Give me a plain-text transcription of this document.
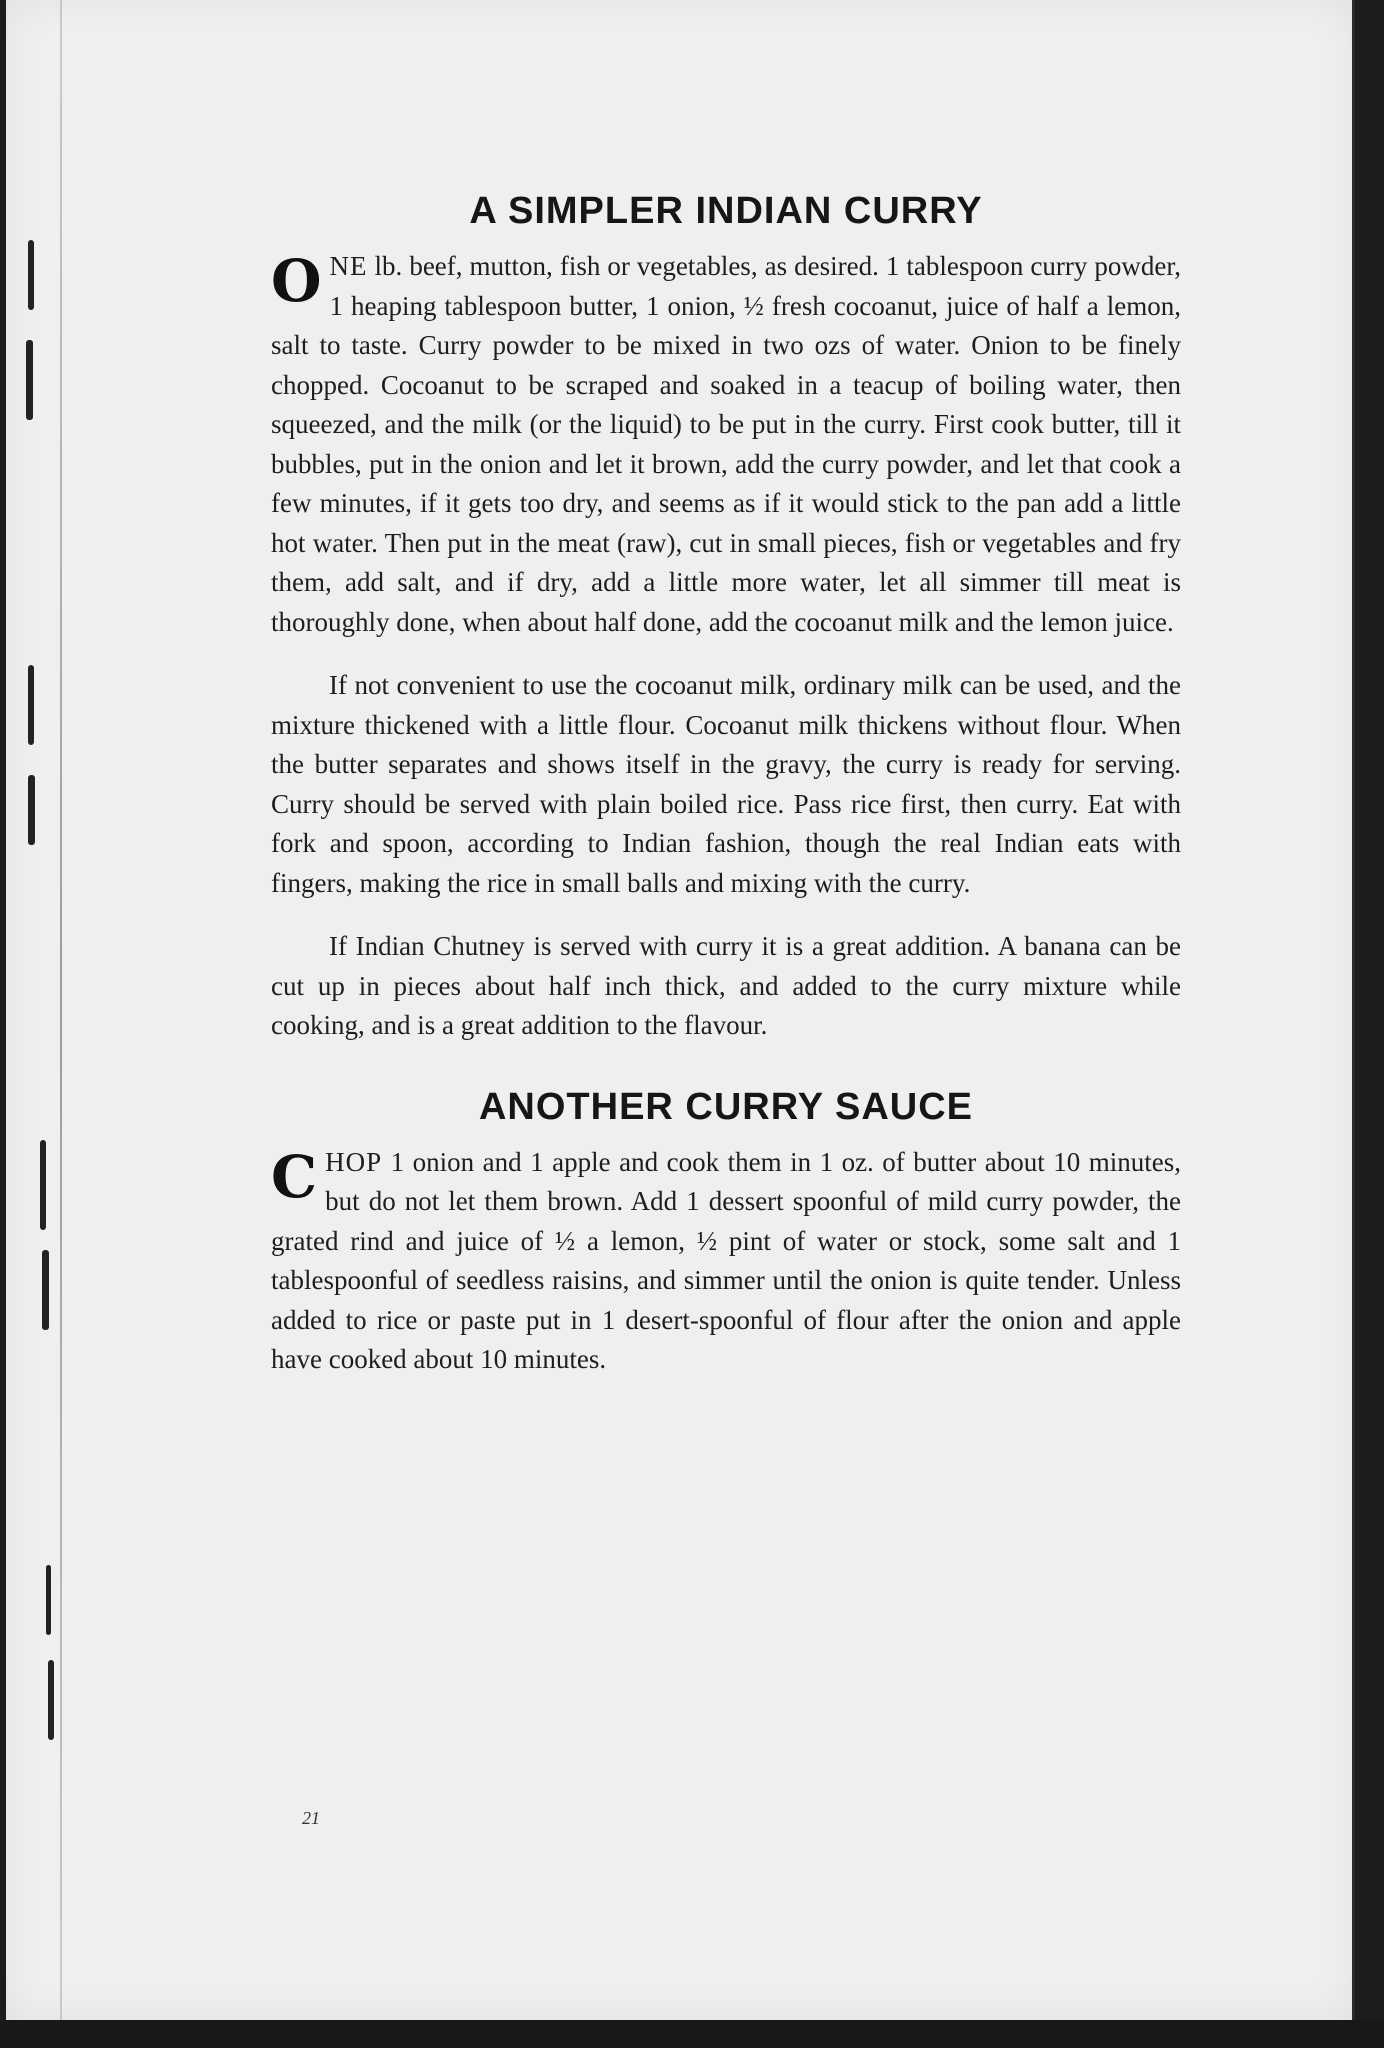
A SIMPLER INDIAN CURRY

ONE lb. beef, mutton, fish or vegetables, as desired. 1 tablespoon curry powder, 1 heaping tablespoon butter, 1 onion, ½ fresh cocoanut, juice of half a lemon, salt to taste. Curry powder to be mixed in two ozs of water. Onion to be finely chopped. Cocoanut to be scraped and soaked in a teacup of boiling water, then squeezed, and the milk (or the liquid) to be put in the curry. First cook butter, till it bubbles, put in the onion and let it brown, add the curry powder, and let that cook a few minutes, if it gets too dry, and seems as if it would stick to the pan add a little hot water. Then put in the meat (raw), cut in small pieces, fish or vegetables and fry them, add salt, and if dry, add a little more water, let all simmer till meat is thoroughly done, when about half done, add the cocoanut milk and the lemon juice.

If not convenient to use the cocoanut milk, ordinary milk can be used, and the mixture thickened with a little flour. Cocoanut milk thickens without flour. When the butter separates and shows itself in the gravy, the curry is ready for serving. Curry should be served with plain boiled rice. Pass rice first, then curry. Eat with fork and spoon, according to Indian fashion, though the real Indian eats with fingers, making the rice in small balls and mixing with the curry.

If Indian Chutney is served with curry it is a great addition. A banana can be cut up in pieces about half inch thick, and added to the curry mixture while cooking, and is a great addition to the flavour.

ANOTHER CURRY SAUCE

CHOP 1 onion and 1 apple and cook them in 1 oz. of butter about 10 minutes, but do not let them brown. Add 1 dessert spoonful of mild curry powder, the grated rind and juice of ½ a lemon, ½ pint of water or stock, some salt and 1 tablespoonful of seedless raisins, and simmer until the onion is quite tender. Unless added to rice or paste put in 1 desert-spoonful of flour after the onion and apple have cooked about 10 minutes.

21
